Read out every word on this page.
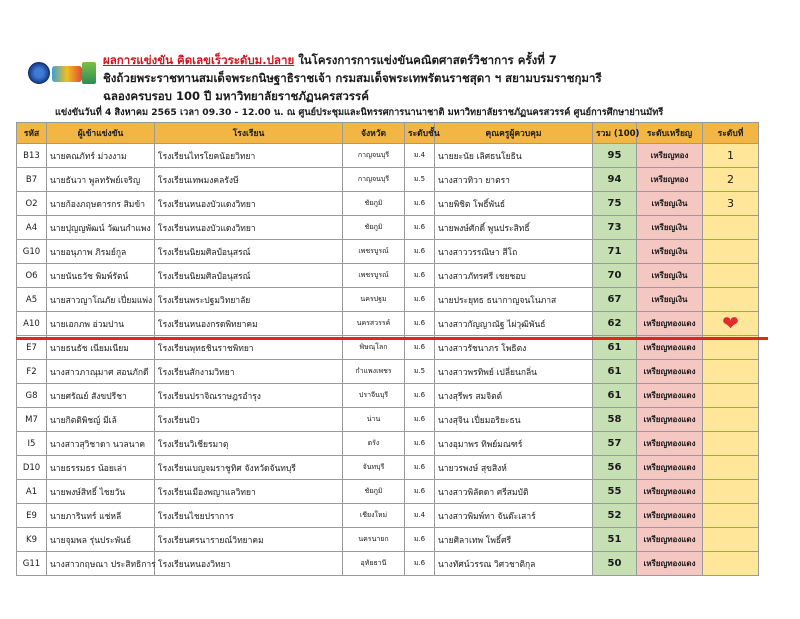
ผลการแข่งขัน คิดเลขเร็วระดับม.ปลาย ในโครงการการแข่งขันคณิตศาสตร์วิชาการ ครั้งที่ 7
ชิงถ้วยพระราชทานสมเด็จพระกนิษฐาธิราชเจ้า กรมสมเด็จพระเทพรัตนราชสุดา ฯ สยามบรมราชกุมารี
ฉลองครบรอบ 100 ปี มหาวิทยาลัยราชภัฏนครสวรรค์
แข่งขันวันที่ 4 สิงหาคม 2565 เวลา 09.30 - 12.00 น. ณ ศูนย์ประชุมและนิทรรศการนานาชาติ มหาวิทยาลัยราชภัฏนครสวรรค์ ศูนย์การศึกษาย่านมัทรี
รหัส	ผู้เข้าแข่งขัน	โรงเรียน	จังหวัด	ระดับชั้น	คุณครูผู้ควบคุม	รวม (100)	ระดับเหรียญ	ระดับที่
B13	นายคณภัทร์ ม่วงงาม	โรงเรียนไทรโยคน้อยวิทยา	กาญจนบุรี	ม.4	นายยะนัย เลิศธนโยธิน	95	เหรียญทอง	1
B7	นายธันวา พูลทรัพย์เจริญ	โรงเรียนเทพมงคลรังษี	กาญจนบุรี	ม.5	นางสาวทิวา ยาตรา	94	เหรียญทอง	2
O2	นายก้องภฤษดารกร สิมข้า	โรงเรียนหนองบัวแดงวิทยา	ชัยภูมิ	ม.6	นายพิชิต โพธิ์พันธ์	75	เหรียญเงิน	3
A4	นายปุญญพัฒน์ วัฒนกำแพง	โรงเรียนหนองบัวแดงวิทยา	ชัยภูมิ	ม.6	นายพงษ์ศักดิ์ พูนประสิทธิ์	73	เหรียญเงิน	
G10	นายอนุภาพ ภิรมย์กูล	โรงเรียนนิยมศิลป์อนุสรณ์	เพชรบูรณ์	ม.6	นางสาววรรณิษา สีโถ	71	เหรียญเงิน	
O6	นายนันธวัช พิมพ์รัตน์	โรงเรียนนิยมศิลป์อนุสรณ์	เพชรบูรณ์	ม.6	นางสาวภัทรศรี เชยชอบ	70	เหรียญเงิน	
A5	นายสาวญาโณภัย เปี่ยมแพ่ง	โรงเรียนพระปฐมวิทยาลัย	นครปฐม	ม.6	นายประยุทธ ธนากาญจนโนภาส	67	เหรียญเงิน	
A10	นายเอกภพ อ่วมปาน	โรงเรียนหนองกรดพิทยาคม	นครสวรรค์	ม.6	นางสาวกัญญาณัฐ ไผ่วุฒิพันธ์	62	เหรียญทองแดง	❤
E7	นายธนธัช เนียมเนียม	โรงเรียนพุทธชินราชพิทยา	พิษณุโลก	ม.6	นางสาวรัชนาภร โพธิตง	61	เหรียญทองแดง	
F2	นางสาวภาณุมาศ สอนภักดี	โรงเรียนสักงามวิทยา	กำแพงเพชร	ม.5	นางสาวพรทิพย์ เปลี่ยนกลิ่น	61	เหรียญทองแดง	
G8	นายศรัณย์ สังขปรีชา	โรงเรียนปราจิณราษฎรอำรุง	ปราจีนบุรี	ม.6	นางสุรีพร สมจิตต์	61	เหรียญทองแดง	
M7	นายกิตติพิชญ์ มีเล้	โรงเรียนปัว	น่าน	ม.6	นางสุจิน เปี่ยมอริยะธน	58	เหรียญทองแดง	
I5	นางสาวสุวิชาดา นวลนาค	โรงเรียนวิเชียรมาตุ	ตรัง	ม.6	นางอุมาพร ทิพย์มณฑร์	57	เหรียญทองแดง	
D10	นายธรรมธร น้อยเล่า	โรงเรียนเบญจมราชูทิศ จังหวัดจันทบุรี	จันทบุรี	ม.6	นายวรพงษ์ สุขสิงห์	56	เหรียญทองแดง	
A1	นายพงษ์สิทธิ์ ไชยวัน	โรงเรียนเมืองพญาแลวิทยา	ชัยภูมิ	ม.6	นางสาวพิลัดดา ศรีสมบัติ	55	เหรียญทองแดง	
E9	นายภารินทร์ แช่หลี	โรงเรียนไชยปราการ	เชียงใหม่	ม.4	นางสาวพิมพ์ทา จันต๊ะเสาร์	52	เหรียญทองแดง	
K9	นายจุมพล รุ่นประพันธ์	โรงเรียนศรนารายณ์วิทยาคม	นครนายก	ม.6	นายศิลาเทพ โพธิ์ศรี	51	เหรียญทองแดง	
G11	นางสาวกฤษณา ประสิทธิการ	โรงเรียนหนองวิทยา	อุทัยธานี	ม.6	นางทัศน์วรรณ วิศวชาติกุล	50	เหรียญทองแดง	
